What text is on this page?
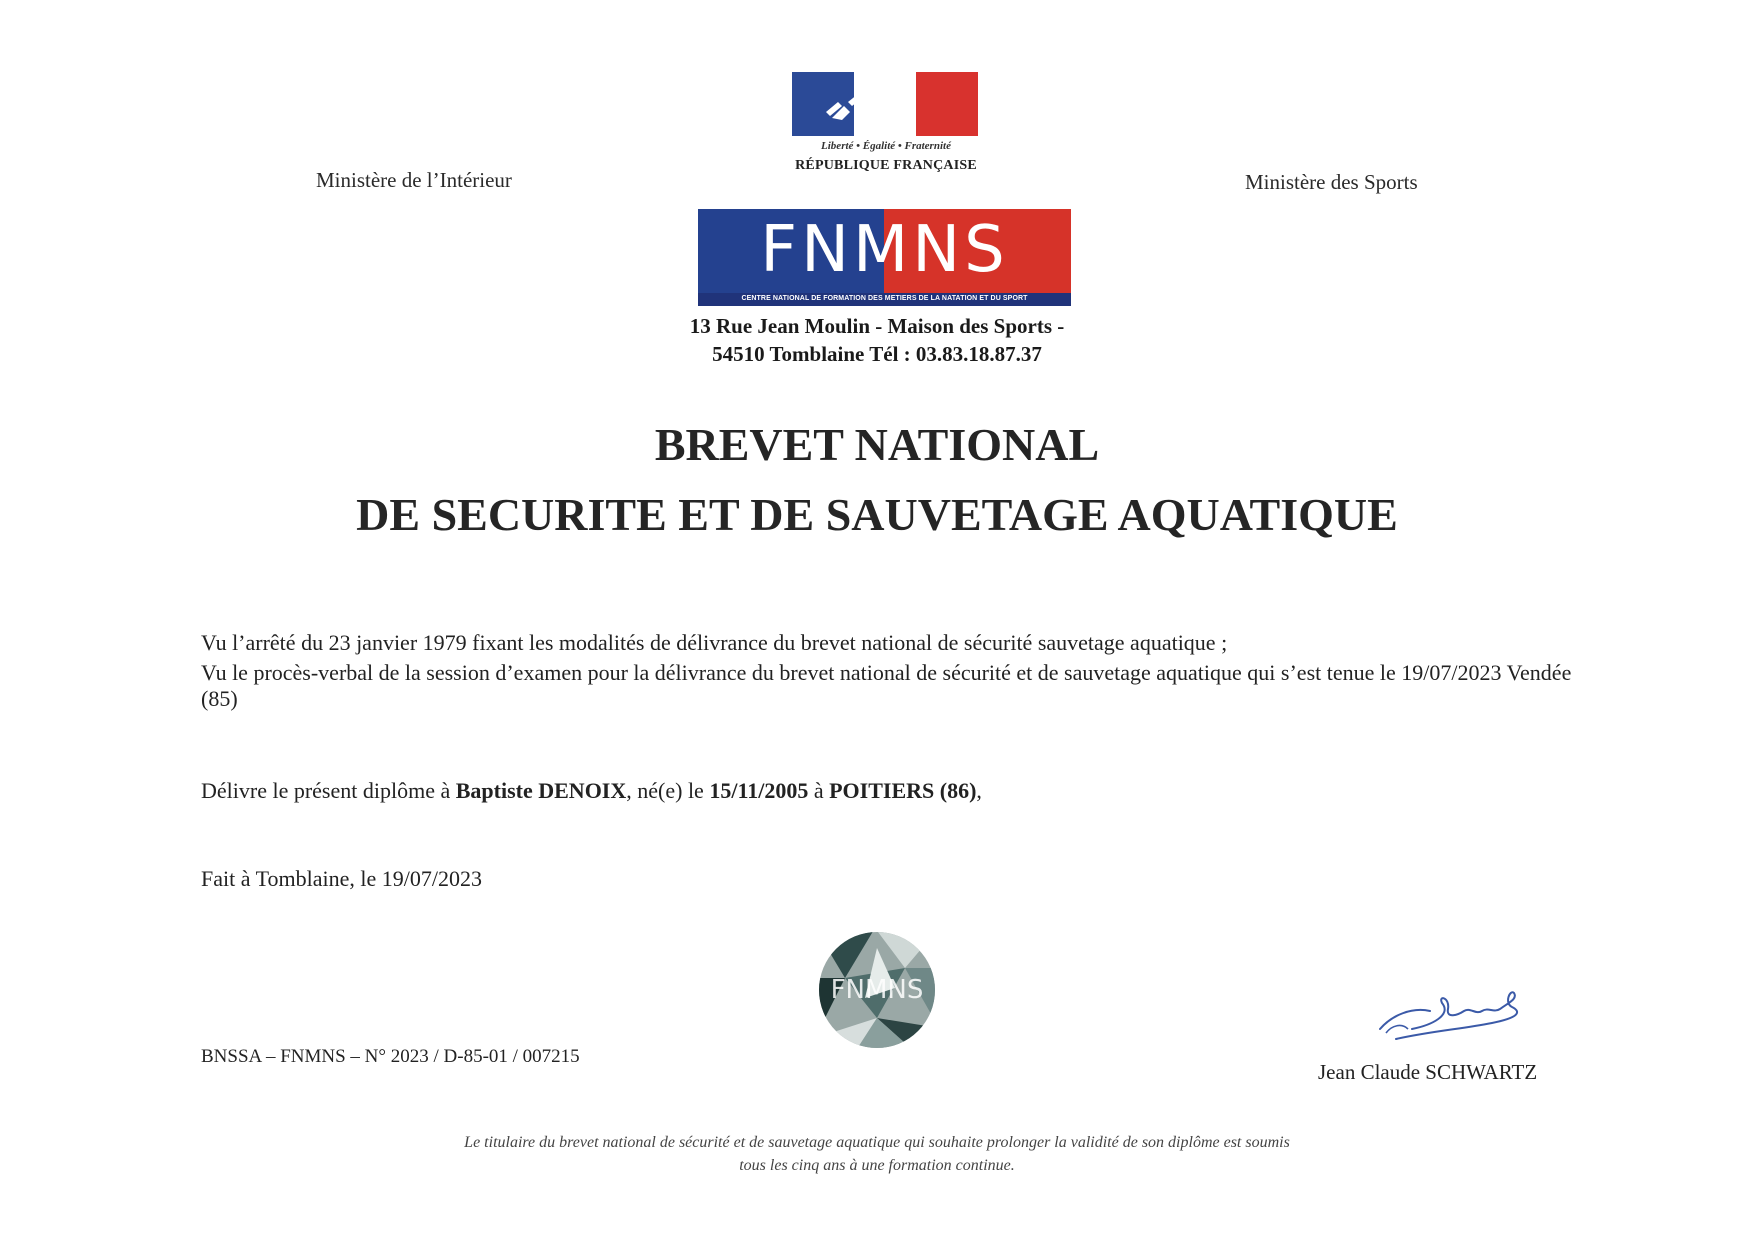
Ministère de l’Intérieur	Ministère des Sports
Liberté • Égalité • Fraternité
RÉPUBLIQUE FRANÇAISE
FNMNS
CENTRE NATIONAL DE FORMATION DES METIERS DE LA NATATION ET DU SPORT
13 Rue Jean Moulin - Maison des Sports -
54510 Tomblaine Tél : 03.83.18.87.37
BREVET NATIONAL
DE SECURITE ET DE SAUVETAGE AQUATIQUE
Vu l’arrêté du 23 janvier 1979 fixant les modalités de délivrance du brevet national de sécurité sauvetage aquatique ;
Vu le procès-verbal de la session d’examen pour la délivrance du brevet national de sécurité et de sauvetage aquatique qui s’est tenue le 19/07/2023 Vendée (85)
Délivre le présent diplôme à Baptiste DENOIX, né(e) le 15/11/2005 à POITIERS (86),
Fait à Tomblaine, le 19/07/2023
FNMNS
BNSSA – FNMNS – N° 2023 / D-85-01 / 007215
Jean Claude SCHWARTZ
Le titulaire du brevet national de sécurité et de sauvetage aquatique qui souhaite prolonger la validité de son diplôme est soumis
tous les cinq ans à une formation continue.
